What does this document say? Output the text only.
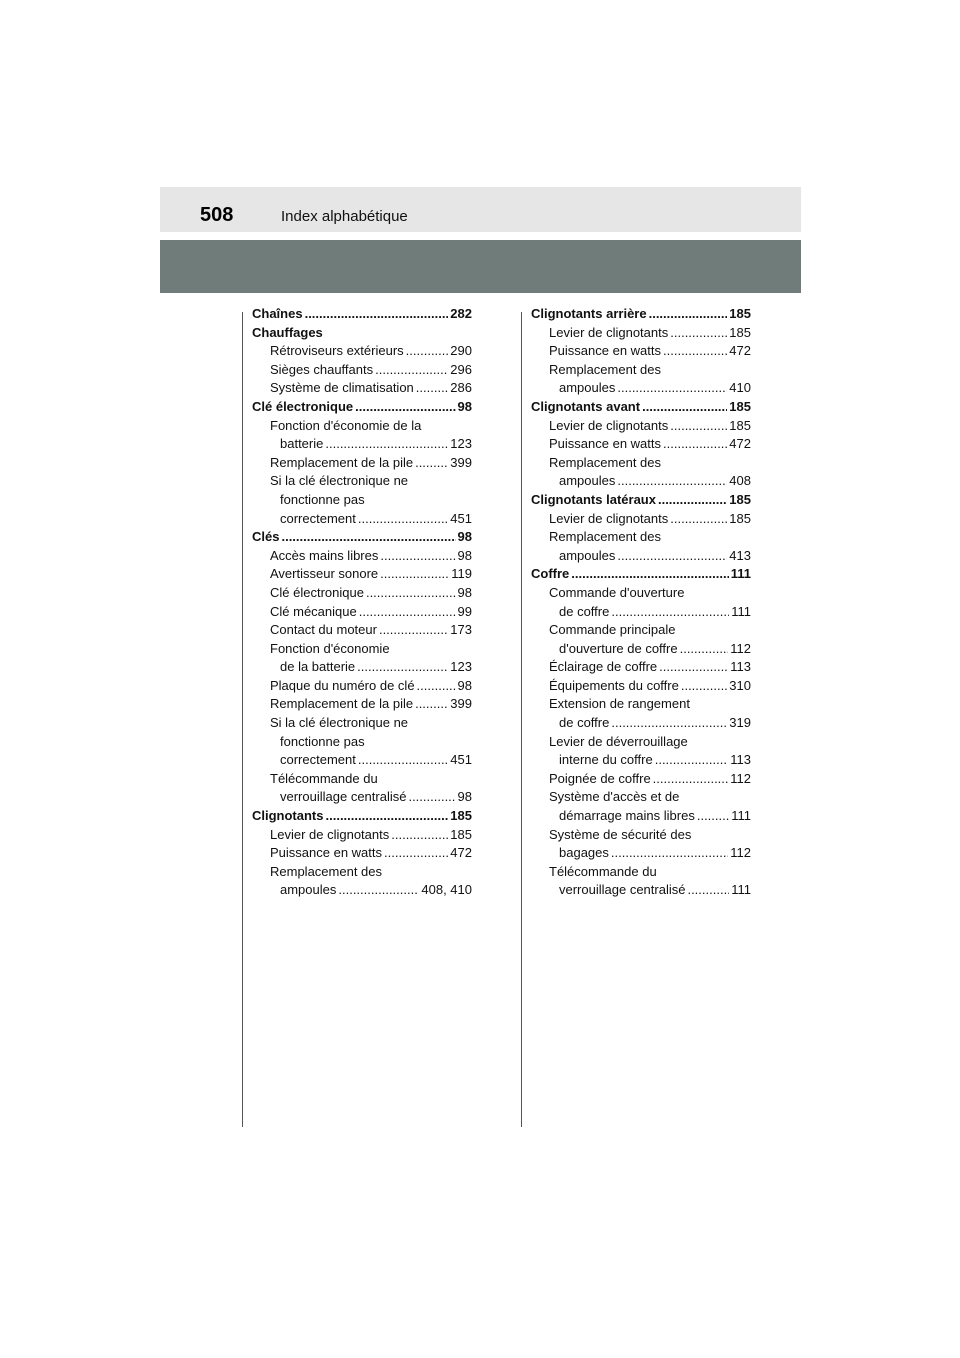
508	Index alphabétique
Chaînes .....	282
Chauffages
Rétroviseurs extérieurs .....	290
Sièges chauffants .....	296
Système de climatisation .....	286
Clé électronique .....	98
Fonction d'économie de la
batterie .....	123
Remplacement de la pile .....	399
Si la clé électronique ne
fonctionne pas
correctement .....	451
Clés .....	98
Accès mains libres .....	98
Avertisseur sonore .....	119
Clé électronique .....	98
Clé mécanique .....	99
Contact du moteur .....	173
Fonction d'économie
de la batterie .....	123
Plaque du numéro de clé .....	98
Remplacement de la pile .....	399
Si la clé électronique ne
fonctionne pas
correctement .....	451
Télécommande du
verrouillage centralisé .....	98
Clignotants .....	185
Levier de clignotants .....	185
Puissance en watts .....	472
Remplacement des
ampoules .....	408, 410
Clignotants arrière .....	185
Levier de clignotants .....	185
Puissance en watts .....	472
Remplacement des
ampoules .....	410
Clignotants avant .....	185
Levier de clignotants .....	185
Puissance en watts .....	472
Remplacement des
ampoules .....	408
Clignotants latéraux .....	185
Levier de clignotants .....	185
Remplacement des
ampoules .....	413
Coffre .....	111
Commande d'ouverture
de coffre .....	111
Commande principale
d'ouverture de coffre .....	112
Éclairage de coffre .....	113
Équipements du coffre .....	310
Extension de rangement
de coffre .....	319
Levier de déverrouillage
interne du coffre .....	113
Poignée de coffre .....	112
Système d'accès et de
démarrage mains libres .....	111
Système de sécurité des
bagages .....	112
Télécommande du
verrouillage centralisé .....	111
